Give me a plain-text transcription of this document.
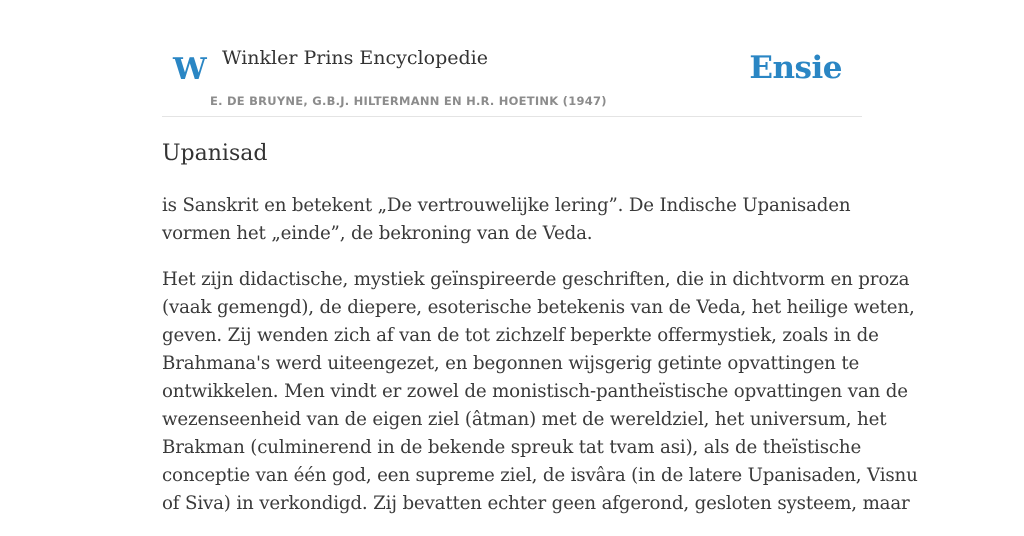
W Winkler Prins Encyclopedie
E. DE BRUYNE, G.B.J. HILTERMANN EN H.R. HOETINK (1947)
Ensie
Upanisad

is Sanskrit en betekent „De vertrouwelijke lering”. De Indische Upanisaden
vormen het „einde”, de bekroning van de Veda.

Het zijn didactische, mystiek geïnspireerde geschriften, die in dichtvorm en proza
(vaak gemengd), de diepere, esoterische betekenis van de Veda, het heilige weten,
geven. Zij wenden zich af van de tot zichzelf beperkte offermystiek, zoals in de
Brahmana's werd uiteengezet, en begonnen wijsgerig getinte opvattingen te
ontwikkelen. Men vindt er zowel de monistisch-pantheïstische opvattingen van de
wezenseenheid van de eigen ziel (âtman) met de wereldziel, het universum, het
Brakman (culminerend in de bekende spreuk tat tvam asi), als de theïstische
conceptie van één god, een supreme ziel, de isvâra (in de latere Upanisaden, Visnu
of Siva) in verkondigd. Zij bevatten echter geen afgerond, gesloten systeem, maar
